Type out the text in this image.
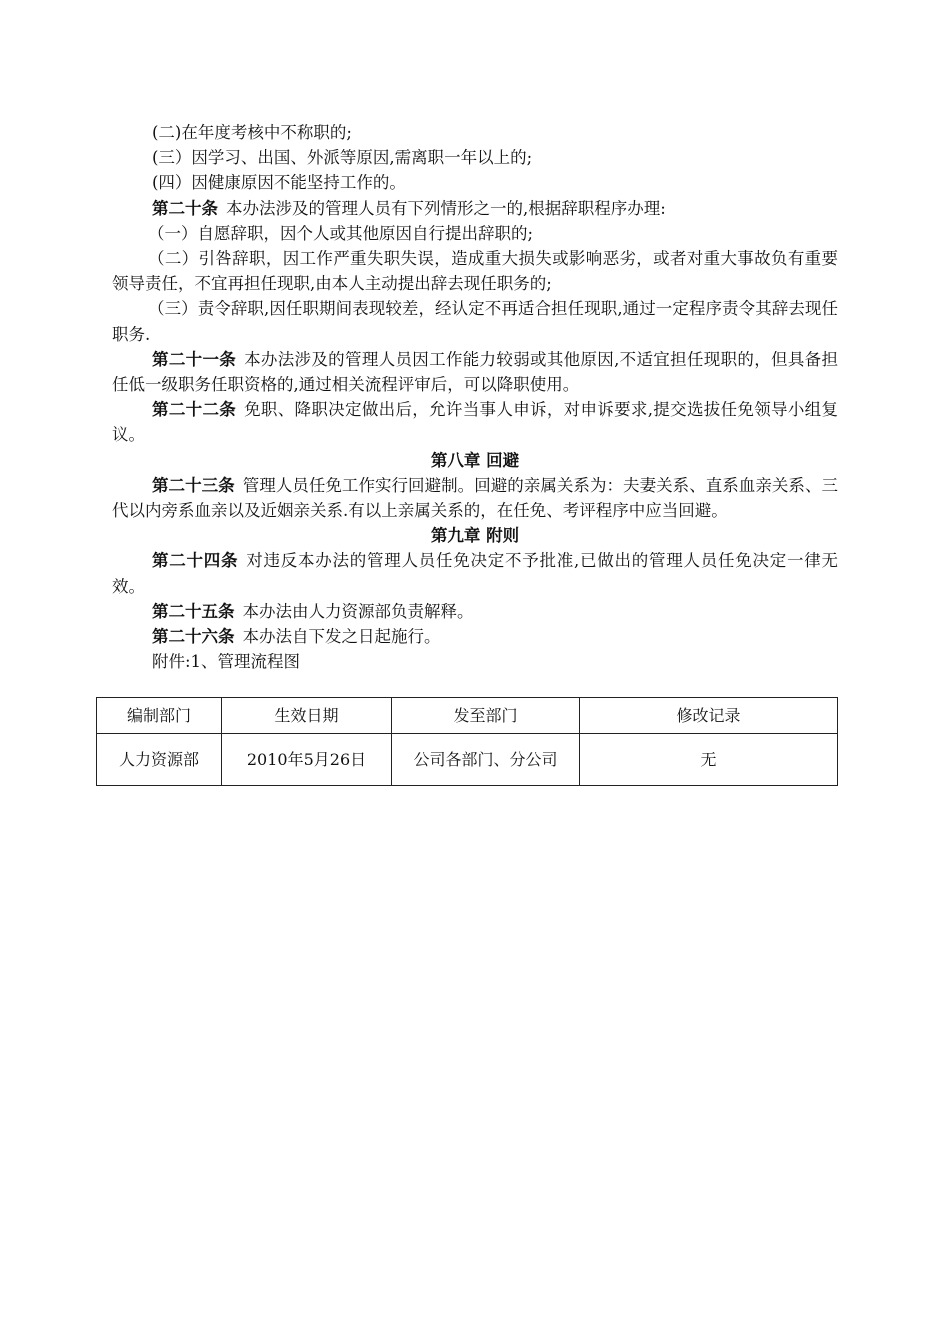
(二)在年度考核中不称职的;

(三）因学习、出国、外派等原因,需离职一年以上的;

(四）因健康原因不能坚持工作的。

第二十条 本办法涉及的管理人员有下列情形之一的,根据辞职程序办理:

（一）自愿辞职，因个人或其他原因自行提出辞职的;

（二）引咎辞职，因工作严重失职失误，造成重大损失或影响恶劣，或者对重大事故负有重要领导责任，不宜再担任现职,由本人主动提出辞去现任职务的;

（三）责令辞职,因任职期间表现较差，经认定不再适合担任现职,通过一定程序责令其辞去现任职务.

第二十一条 本办法涉及的管理人员因工作能力较弱或其他原因,不适宜担任现职的，但具备担任低一级职务任职资格的,通过相关流程评审后，可以降职使用。

第二十二条 免职、降职决定做出后，允许当事人申诉，对申诉要求,提交选拔任免领导小组复议。

第八章 回避

第二十三条 管理人员任免工作实行回避制。回避的亲属关系为：夫妻关系、直系血亲关系、三代以内旁系血亲以及近姻亲关系.有以上亲属关系的，在任免、考评程序中应当回避。

第九章 附则

第二十四条 对违反本办法的管理人员任免决定不予批准,已做出的管理人员任免决定一律无效。

第二十五条 本办法由人力资源部负责解释。

第二十六条 本办法自下发之日起施行。

附件:1、管理流程图

编制部门	生效日期	发至部门	修改记录
人力资源部	2010年5月26日	公司各部门、分公司	无
